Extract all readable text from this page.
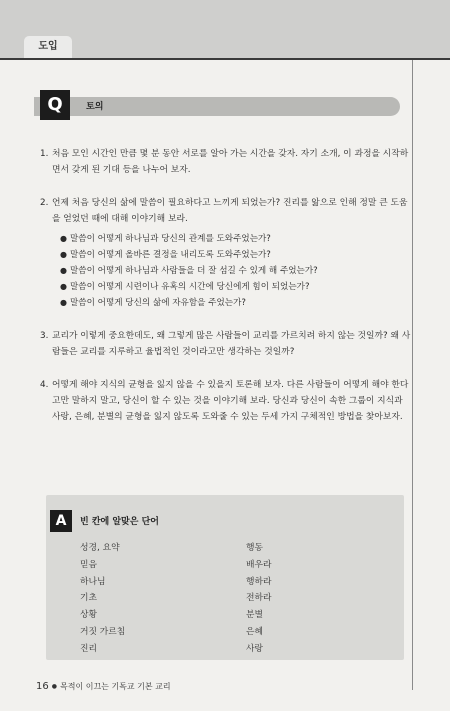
도입
Q	토의
1. 처음 모인 시간인 만큼 몇 분 동안 서로를 알아 가는 시간을 갖자. 자기 소개, 이 과정을 시작하면서 갖게 된 기대 등을 나누어 보자.
2. 언제 처음 당신의 삶에 말씀이 필요하다고 느끼게 되었는가? 진리를 앎으로 인해 정말 큰 도움을 얻었던 때에 대해 이야기해 보라.
● 말씀이 어떻게 하나님과 당신의 관계를 도와주었는가?
● 말씀이 어떻게 올바른 결정을 내리도록 도와주었는가?
● 말씀이 어떻게 하나님과 사람들을 더 잘 섬길 수 있게 해 주었는가?
● 말씀이 어떻게 시련이나 유혹의 시간에 당신에게 힘이 되었는가?
● 말씀이 어떻게 당신의 삶에 자유함을 주었는가?
3. 교리가 이렇게 중요한데도, 왜 그렇게 많은 사람들이 교리를 가르치려 하지 않는 것일까? 왜 사람들은 교리를 지루하고 율법적인 것이라고만 생각하는 것일까?
4. 어떻게 해야 지식의 균형을 잃지 않을 수 있을지 토론해 보자. 다른 사람들이 어떻게 해야 한다고만 말하지 말고, 당신이 할 수 있는 것을 이야기해 보라. 당신과 당신이 속한 그룹이 지식과 사랑, 은혜, 분별의 균형을 잃지 않도록 도와줄 수 있는 두세 가지 구체적인 방법을 찾아보자.
A	빈 칸에 알맞은 단어
성경, 요약
믿음
하나님
기초
상황
거짓 가르침
진리
행동
배우라
행하라
전하라
분별
은혜
사랑
16 ● 목적이 이끄는 기독교 기본 교리
